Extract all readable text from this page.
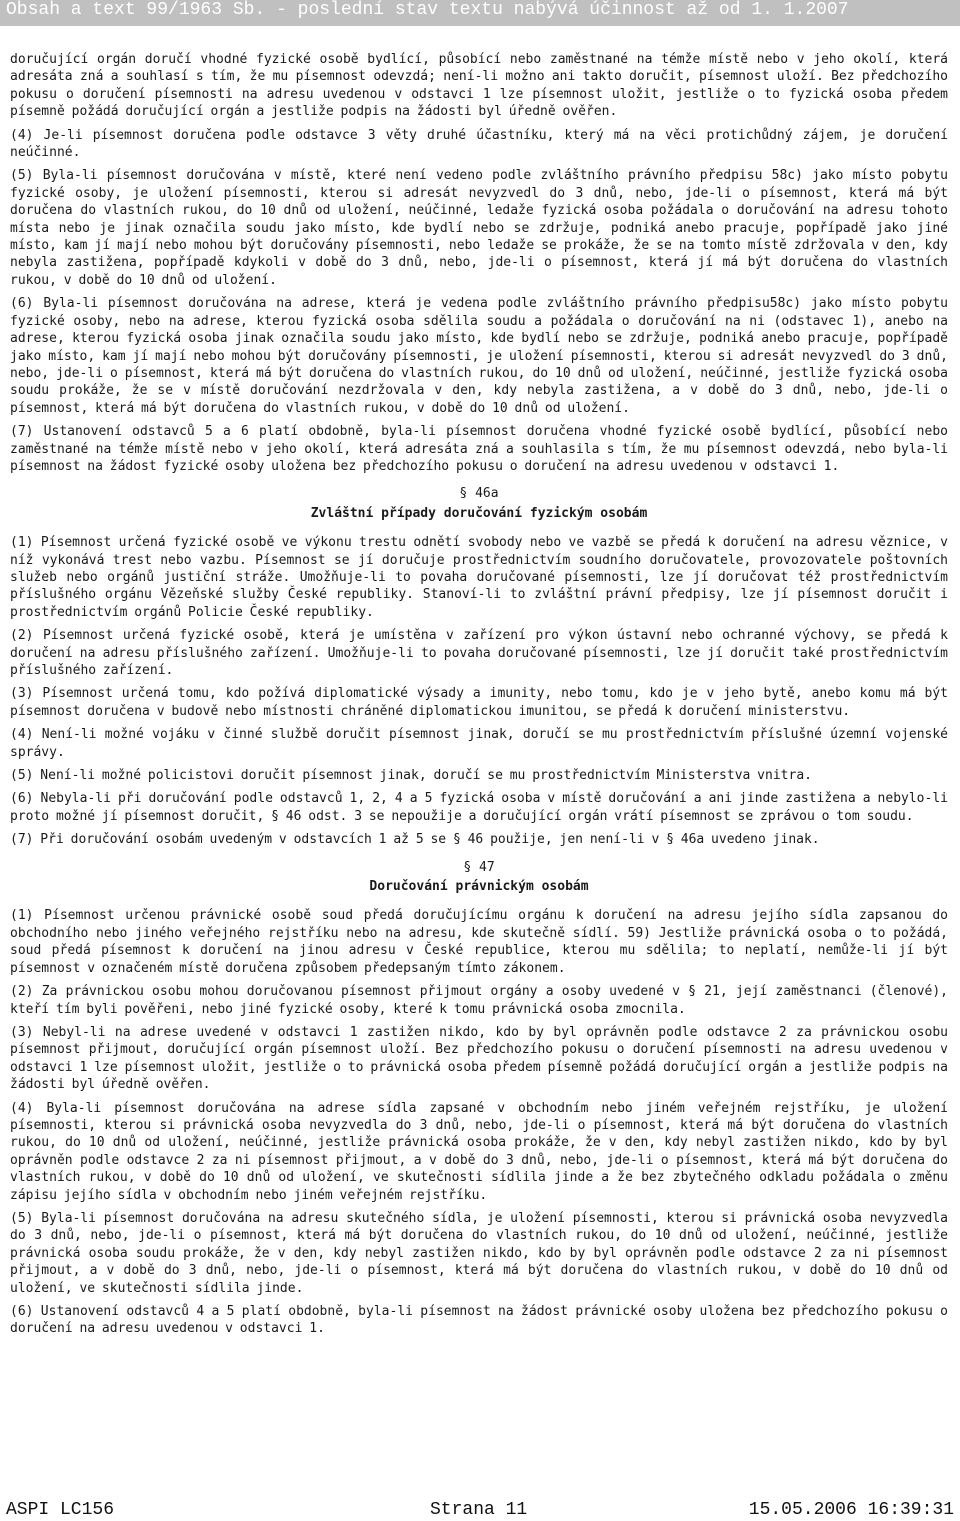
Obsah a text 99/1963 Sb. - poslední stav textu nabývá účinnost až od 1. 1.2007

doručující orgán doručí vhodné fyzické osobě bydlící, působící nebo zaměstnané na témže místě nebo v jeho okolí, která adresáta zná a souhlasí s tím, že mu písemnost odevzdá; není-li možno ani takto doručit, písemnost uloží. Bez předchozího pokusu o doručení písemnosti na adresu uvedenou v odstavci 1 lze písemnost uložit, jestliže o to fyzická osoba předem písemně požádá doručující orgán a jestliže podpis na žádosti byl úředně ověřen.

(4) Je-li písemnost doručena podle odstavce 3 věty druhé účastníku, který má na věci protichůdný zájem, je doručení neúčinné.

(5) Byla-li písemnost doručována v místě, které není vedeno podle zvláštního právního předpisu 58c) jako místo pobytu fyzické osoby, je uložení písemnosti, kterou si adresát nevyzvedl do 3 dnů, nebo, jde-li o písemnost, která má být doručena do vlastních rukou, do 10 dnů od uložení, neúčinné, ledaže fyzická osoba požádala o doručování na adresu tohoto místa nebo je jinak označila soudu jako místo, kde bydlí nebo se zdržuje, podniká anebo pracuje, popřípadě jako jiné místo, kam jí mají nebo mohou být doručovány písemnosti, nebo ledaže se prokáže, že se na tomto místě zdržovala v den, kdy nebyla zastižena, popřípadě kdykoli v době do 3 dnů, nebo, jde-li o písemnost, která jí má být doručena do vlastních rukou, v době do 10 dnů od uložení.

(6) Byla-li písemnost doručována na adrese, která je vedena podle zvláštního právního předpisu58c) jako místo pobytu fyzické osoby, nebo na adrese, kterou fyzická osoba sdělila soudu a požádala o doručování na ni (odstavec 1), anebo na adrese, kterou fyzická osoba jinak označila soudu jako místo, kde bydlí nebo se zdržuje, podniká anebo pracuje, popřípadě jako místo, kam jí mají nebo mohou být doručovány písemnosti, je uložení písemnosti, kterou si adresát nevyzvedl do 3 dnů, nebo, jde-li o písemnost, která má být doručena do vlastních rukou, do 10 dnů od uložení, neúčinné, jestliže fyzická osoba soudu prokáže, že se v místě doručování nezdržovala v den, kdy nebyla zastižena, a v době do 3 dnů, nebo, jde-li o písemnost, která má být doručena do vlastních rukou, v době do 10 dnů od uložení.

(7) Ustanovení odstavců 5 a 6 platí obdobně, byla-li písemnost doručena vhodné fyzické osobě bydlící, působící nebo zaměstnané na témže místě nebo v jeho okolí, která adresáta zná a souhlasila s tím, že mu písemnost odevzdá, nebo byla-li písemnost na žádost fyzické osoby uložena bez předchozího pokusu o doručení na adresu uvedenou v odstavci 1.

§ 46a
Zvláštní případy doručování fyzickým osobám

(1) Písemnost určená fyzické osobě ve výkonu trestu odnětí svobody nebo ve vazbě se předá k doručení na adresu věznice, v níž vykonává trest nebo vazbu. Písemnost se jí doručuje prostřednictvím soudního doručovatele, provozovatele poštovních služeb nebo orgánů justiční stráže. Umožňuje-li to povaha doručované písemnosti, lze jí doručovat též prostřednictvím příslušného orgánu Vězeňské služby České republiky. Stanoví-li to zvláštní právní předpisy, lze jí písemnost doručit i prostřednictvím orgánů Policie České republiky.

(2) Písemnost určená fyzické osobě, která je umístěna v zařízení pro výkon ústavní nebo ochranné výchovy, se předá k doručení na adresu příslušného zařízení. Umožňuje-li to povaha doručované písemnosti, lze jí doručit také prostřednictvím příslušného zařízení.

(3) Písemnost určená tomu, kdo požívá diplomatické výsady a imunity, nebo tomu, kdo je v jeho bytě, anebo komu má být písemnost doručena v budově nebo místnosti chráněné diplomatickou imunitou, se předá k doručení ministerstvu.

(4) Není-li možné vojáku v činné službě doručit písemnost jinak, doručí se mu prostřednictvím příslušné územní vojenské správy.

(5) Není-li možné policistovi doručit písemnost jinak, doručí se mu prostřednictvím Ministerstva vnitra.

(6) Nebyla-li při doručování podle odstavců 1, 2, 4 a 5 fyzická osoba v místě doručování a ani jinde zastižena a nebylo-li proto možné jí písemnost doručit, § 46 odst. 3 se nepoužije a doručující orgán vrátí písemnost se zprávou o tom soudu.

(7) Při doručování osobám uvedeným v odstavcích 1 až 5 se § 46 použije, jen není-li v § 46a uvedeno jinak.

§ 47
Doručování právnickým osobám

(1) Písemnost určenou právnické osobě soud předá doručujícímu orgánu k doručení na adresu jejího sídla zapsanou do obchodního nebo jiného veřejného rejstříku nebo na adresu, kde skutečně sídlí. 59) Jestliže právnická osoba o to požádá, soud předá písemnost k doručení na jinou adresu v České republice, kterou mu sdělila; to neplatí, nemůže-li jí být písemnost v označeném místě doručena způsobem předepsaným tímto zákonem.

(2) Za právnickou osobu mohou doručovanou písemnost přijmout orgány a osoby uvedené v § 21, její zaměstnanci (členové), kteří tím byli pověřeni, nebo jiné fyzické osoby, které k tomu právnická osoba zmocnila.

(3) Nebyl-li na adrese uvedené v odstavci 1 zastižen nikdo, kdo by byl oprávněn podle odstavce 2 za právnickou osobu písemnost přijmout, doručující orgán písemnost uloží. Bez předchozího pokusu o doručení písemnosti na adresu uvedenou v odstavci 1 lze písemnost uložit, jestliže o to právnická osoba předem písemně požádá doručující orgán a jestliže podpis na žádosti byl úředně ověřen.

(4) Byla-li písemnost doručována na adrese sídla zapsané v obchodním nebo jiném veřejném rejstříku, je uložení písemnosti, kterou si právnická osoba nevyzvedla do 3 dnů, nebo, jde-li o písemnost, která má být doručena do vlastních rukou, do 10 dnů od uložení, neúčinné, jestliže právnická osoba prokáže, že v den, kdy nebyl zastižen nikdo, kdo by byl oprávněn podle odstavce 2 za ni písemnost přijmout, a v době do 3 dnů, nebo, jde-li o písemnost, která má být doručena do vlastních rukou, v době do 10 dnů od uložení, ve skutečnosti sídlila jinde a že bez zbytečného odkladu požádala o změnu zápisu jejího sídla v obchodním nebo jiném veřejném rejstříku.

(5) Byla-li písemnost doručována na adresu skutečného sídla, je uložení písemnosti, kterou si právnická osoba nevyzvedla do 3 dnů, nebo, jde-li o písemnost, která má být doručena do vlastních rukou, do 10 dnů od uložení, neúčinné, jestliže právnická osoba soudu prokáže, že v den, kdy nebyl zastižen nikdo, kdo by byl oprávněn podle odstavce 2 za ni písemnost přijmout, a v době do 3 dnů, nebo, jde-li o písemnost, která má být doručena do vlastních rukou, v době do 10 dnů od uložení, ve skutečnosti sídlila jinde.

(6) Ustanovení odstavců 4 a 5 platí obdobně, byla-li písemnost na žádost právnické osoby uložena bez předchozího pokusu o doručení na adresu uvedenou v odstavci 1.

ASPI LC156	Strana 11	15.05.2006 16:39:31
